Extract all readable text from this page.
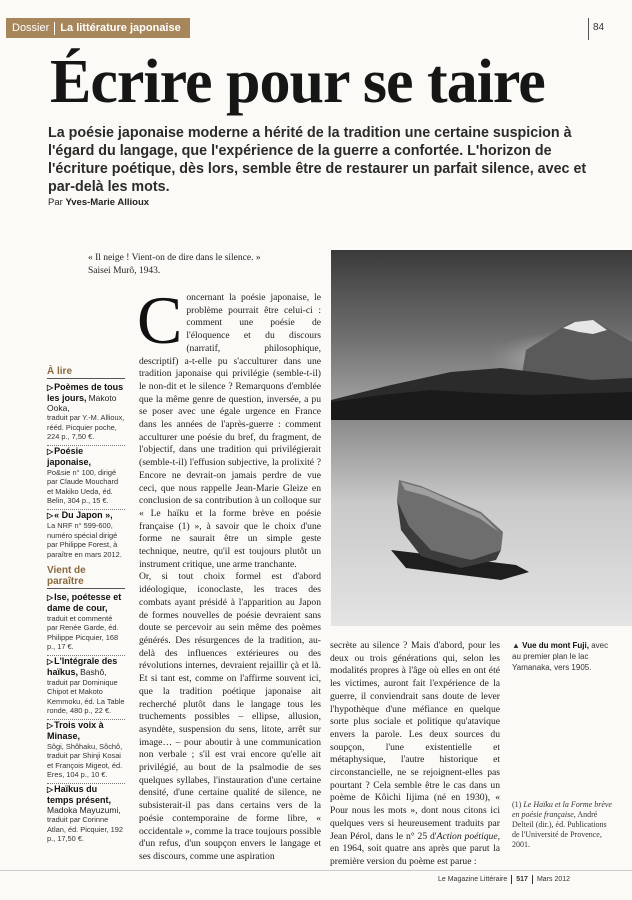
Dossier La littérature japonaise	84
Écrire pour se taire

La poésie japonaise moderne a hérité de la tradition une certaine suspicion à l'égard du langage, que l'expérience de la guerre a confortée. L'horizon de l'écriture poétique, dès lors, semble être de restaurer un parfait silence, avec et par-delà les mots.

Par Yves-Marie Allioux

« Il neige ! Vient-on de dire dans le silence. »
Saisei Murô, 1943.
À lire
▷Poèmes de tous les jours, Makoto Ooka,
traduit par Y.-M. Allioux, rééd. Picquier poche, 224 p., 7,50 €.
▷Poésie japonaise,
Po&sie n° 100, dirigé par Claude Mouchard et Makiko Ueda, éd. Belin, 304 p., 15 €.
▷« Du Japon »,
La NRF n° 599-600, numéro spécial dirigé par Philippe Forest, à paraître en mars 2012.
Vient de paraître
▷Ise, poétesse et dame de cour,
traduit et commenté par Renée Garde, éd. Philippe Picquier, 168 p., 17 €.
▷L'Intégrale des haïkus, Bashô,
traduit par Dominique Chipot et Makoto Kemmoku, éd. La Table ronde, 480 p., 22 €.
▷Trois voix à Minase,
Sôgi, Shôhaku, Sôchô, traduit par Shinji Kosai et François Migeot, éd. Eres, 104 p., 10 €.
▷Haïkus du temps présent, Madoka Mayuzumi,
traduit par Corinne Atlan, éd. Picquier, 192 p., 17,50 €.
C oncernant la poésie japonaise, le problème pourrait être celui-ci : comment une poésie de l'éloquence et du discours (narratif, philosophique, descriptif) a-t-elle pu s'acculturer dans une tradition japonaise qui privilégie (semble-t-il) le non-dit et le silence ? Remarquons d'emblée que la même genre de question, inversée, a pu se poser avec une égale urgence en France dans les années de l'après-guerre : comment acculturer une poésie du bref, du fragment, de l'objectif, dans une tradition qui privilégierait (semble-t-il) l'effusion subjective, la prolixité ? Encore ne devrait-on jamais perdre de vue ceci, que nous rappelle Jean-Marie Gleize en conclusion de sa contribution à un colloque sur « Le haïku et la forme brève en poésie française (1) », à savoir que le choix d'une forme ne saurait être un simple geste technique, neutre, qu'il est toujours plutôt un instrument critique, une arme tranchante.
Or, si tout choix formel est d'abord idéologique, iconoclaste, les traces des combats ayant présidé à l'apparition au Japon de formes nouvelles de poésie devraient sans doute se percevoir au sein même des poèmes générés. Des résurgences de la tradition, au-delà des influences extérieures ou des révolutions internes, devraient rejaillir çà et là. Et si tant est, comme on l'affirme souvent ici, que la tradition poétique japonaise ait recherché plutôt dans le langage tous les truchements possibles – ellipse, allusion, asyndète, suspension du sens, litote, arrêt sur image… – pour aboutir à une communication non verbale ; s'il est vrai encore qu'elle ait privilégié, au bout de la psalmodie de ses quelques syllabes, l'instauration d'une certaine densité, d'une certaine qualité de silence, ne subsisterait-il pas dans certains vers de la poésie contemporaine de forme libre, « occidentale », comme la trace toujours possible d'un refus, d'un soupçon envers le langage et ses discours, comme une aspiration
secrète au silence ? Mais d'abord, pour les deux ou trois générations qui, selon les modalités propres à l'âge où elles en ont été les victimes, auront fait l'expérience de la guerre, il conviendrait sans doute de lever l'hypothèque d'une méfiance en quelque sorte plus sociale et politique qu'atavique envers la parole. Les deux sources du soupçon, l'une existentielle et métaphysique, l'autre historique et circonstancielle, ne se rejoignent-elles pas pourtant ? Cela semble être le cas dans un poème de Kôichi Iijima (né en 1930), « Pour nous les mots », dont nous citons ici quelques vers si heureusement traduits par Jean Pérol, dans le n° 25 d'Action poétique, en 1964, soit quatre ans après que parut la première version du poème est parue :
▲ Vue du mont Fuji, avec au premier plan le lac Yamanaka, vers 1905.
(1) Le Haïku et la Forme brève en poésie française, André Delteil (dir.), éd. Publications de l'Université de Provence, 2001.
Le Magazine Littéraire 517 Mars 2012
